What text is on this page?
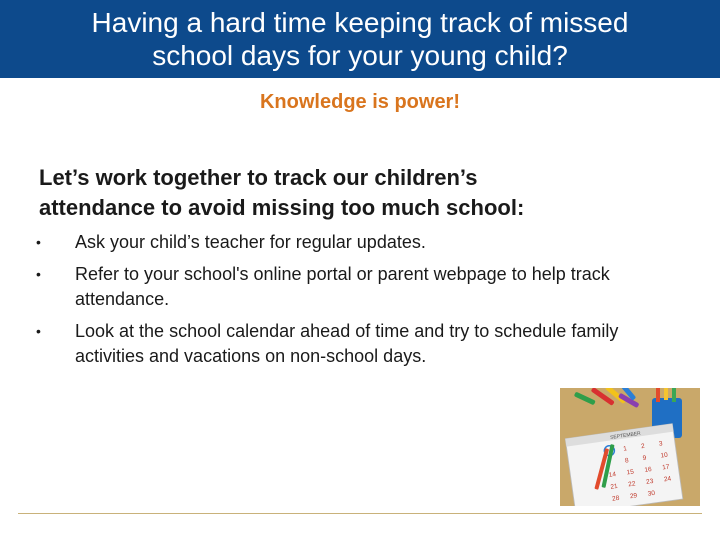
Having a hard time keeping track of missed
school days for your young child?
Knowledge is power!
Let’s work together to track our children’s
attendance to avoid missing too much school:
•	Ask your child’s teacher for regular updates.
•	Refer to your school's online portal or parent webpage to help track attendance.
•	Look at the school calendar ahead of time and try to schedule family activities and vacations on non-school days.
SEPTEMBER
1 2 3
8 9 10
14 15 16 17
21 22 23 24
28 29 30
